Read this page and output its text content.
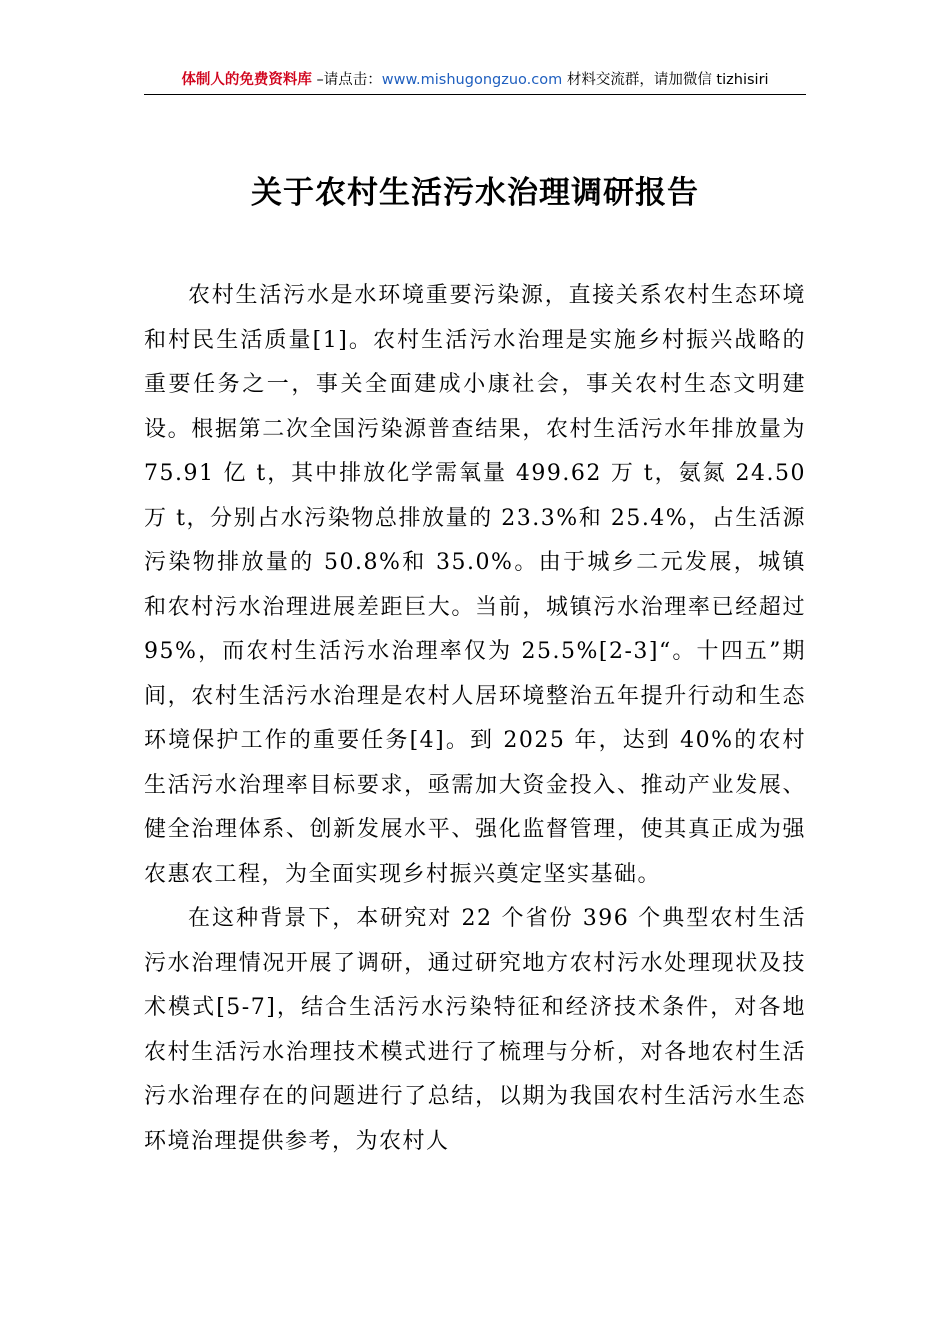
体制人的免费资料库 –请点击：www.mishugongzuo.com 材料交流群，请加微信 tizhisiri
关于农村生活污水治理调研报告

农村生活污水是水环境重要污染源，直接关系农村生态环境和村民生活质量[1]。农村生活污水治理是实施乡村振兴战略的重要任务之一，事关全面建成小康社会，事关农村生态文明建设。根据第二次全国污染源普查结果，农村生活污水年排放量为 75.91 亿 t，其中排放化学需氧量 499.62 万 t，氨氮 24.50 万 t，分别占水污染物总排放量的 23.3%和 25.4%，占生活源污染物排放量的 50.8%和 35.0%。由于城乡二元发展，城镇和农村污水治理进展差距巨大。当前，城镇污水治理率已经超过 95%，而农村生活污水治理率仅为 25.5%[2-3]“。十四五”期间，农村生活污水治理是农村人居环境整治五年提升行动和生态环境保护工作的重要任务[4]。到 2025 年，达到 40%的农村生活污水治理率目标要求，亟需加大资金投入、推动产业发展、健全治理体系、创新发展水平、强化监督管理，使其真正成为强农惠农工程，为全面实现乡村振兴奠定坚实基础。

在这种背景下，本研究对 22 个省份 396 个典型农村生活污水治理情况开展了调研，通过研究地方农村污水处理现状及技术模式[5-7]，结合生活污水污染特征和经济技术条件，对各地农村生活污水治理技术模式进行了梳理与分析，对各地农村生活污水治理存在的问题进行了总结，以期为我国农村生活污水生态环境治理提供参考，为农村人
